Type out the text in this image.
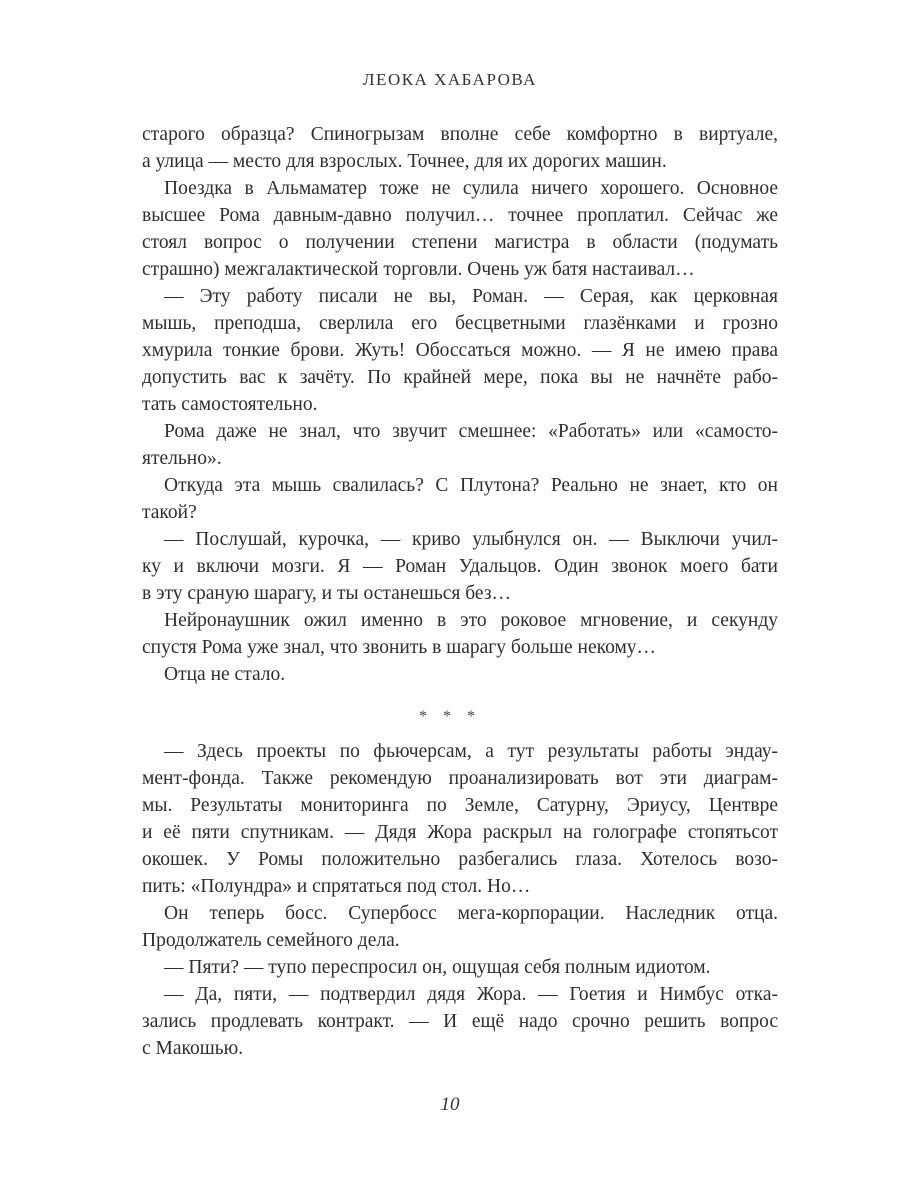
ЛЕОКА ХАБАРОВА
старого образца? Спиногрызам вполне себе комфортно в виртуале,
а улица — место для взрослых. Точнее, для их дорогих машин.
Поездка в Альмаматер тоже не сулила ничего хорошего. Основное
высшее Рома давным-давно получил… точнее проплатил. Сейчас же
стоял вопрос о получении степени магистра в области (подумать
страшно) межгалактической торговли. Очень уж батя настаивал…
— Эту работу писали не вы, Роман. — Серая, как церковная
мышь, преподша, сверлила его бесцветными глазёнками и грозно
хмурила тонкие брови. Жуть! Обоссаться можно. — Я не имею права
допустить вас к зачёту. По крайней мере, пока вы не начнёте рабо-
тать самостоятельно.
Рома даже не знал, что звучит смешнее: «Работать» или «самосто-
ятельно».
Откуда эта мышь свалилась? С Плутона? Реально не знает, кто он
такой?
— Послушай, курочка, — криво улыбнулся он. — Выключи учил-
ку и включи мозги. Я — Роман Удальцов. Один звонок моего бати
в эту сраную шарагу, и ты останешься без…
Нейронаушник ожил именно в это роковое мгновение, и секунду
спустя Рома уже знал, что звонить в шарагу больше некому…
Отца не стало.
* * *
— Здесь проекты по фьючерсам, а тут результаты работы эндау-
мент-фонда. Также рекомендую проанализировать вот эти диаграм-
мы. Результаты мониторинга по Земле, Сатурну, Эриусу, Центвре
и её пяти спутникам. — Дядя Жора раскрыл на голографе стопятьсот
окошек. У Ромы положительно разбегались глаза. Хотелось возо-
пить: «Полундра» и спрятаться под стол. Но…
Он теперь босс. Супербосс мега-корпорации. Наследник отца.
Продолжатель семейного дела.
— Пяти? — тупо переспросил он, ощущая себя полным идиотом.
— Да, пяти, — подтвердил дядя Жора. — Гоетия и Нимбус отка-
зались продлевать контракт. — И ещё надо срочно решить вопрос
с Макошью.
10
